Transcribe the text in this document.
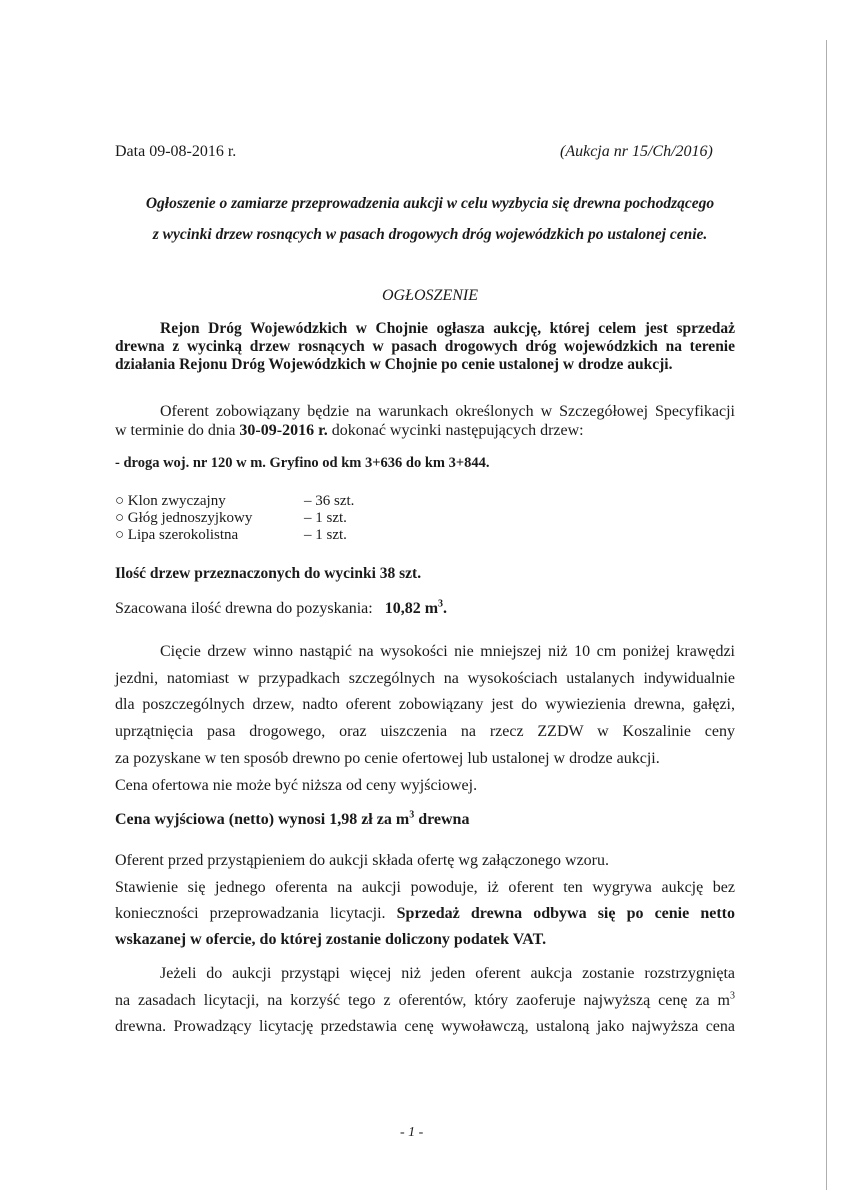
Data 09-08-2016 r.	(Aukcja nr 15/Ch/2016)
Ogłoszenie o zamiarze przeprowadzenia aukcji w celu wyzbycia się drewna pochodzącego
z wycinki drzew rosnących w pasach drogowych dróg wojewódzkich po ustalonej cenie.
OGŁOSZENIE
Rejon Dróg Wojewódzkich w Chojnie ogłasza aukcję, której celem jest sprzedaż
drewna z wycinką drzew rosnących w pasach drogowych dróg wojewódzkich na terenie
działania Rejonu Dróg Wojewódzkich w Chojnie po cenie ustalonej w drodze aukcji.
Oferent zobowiązany będzie na warunkach określonych w Szczegółowej Specyfikacji
w terminie do dnia 30-09-2016 r. dokonać wycinki następujących drzew:
- droga woj. nr 120 w m. Gryfino od km 3+636 do km 3+844.
○ Klon zwyczajny	– 36 szt.
○ Głóg jednoszyjkowy	– 1 szt.
○ Lipa szerokolistna	– 1 szt.
Ilość drzew przeznaczonych do wycinki 38 szt.
Szacowana ilość drewna do pozyskania: 10,82 $m^3$.
Cięcie drzew winno nastąpić na wysokości nie mniejszej niż 10 cm poniżej krawędzi
jezdni, natomiast w przypadkach szczególnych na wysokościach ustalanych indywidualnie
dla poszczególnych drzew, nadto oferent zobowiązany jest do wywiezienia drewna, gałęzi,
uprzątnięcia pasa drogowego, oraz uiszczenia na rzecz ZZDW w Koszalinie ceny
za pozyskane w ten sposób drewno po cenie ofertowej lub ustalonej w drodze aukcji.
Cena ofertowa nie może być niższa od ceny wyjściowej.
Cena wyjściowa (netto) wynosi 1,98 zł za $m^3$ drewna
Oferent przed przystąpieniem do aukcji składa ofertę wg załączonego wzoru.
Stawienie się jednego oferenta na aukcji powoduje, iż oferent ten wygrywa aukcję bez
konieczności przeprowadzania licytacji. Sprzedaż drewna odbywa się po cenie netto
wskazanej w ofercie, do której zostanie doliczony podatek VAT.
Jeżeli do aukcji przystąpi więcej niż jeden oferent aukcja zostanie rozstrzygnięta
na zasadach licytacji, na korzyść tego z oferentów, który zaoferuje najwyższą cenę za $m^3$
drewna. Prowadzący licytację przedstawia cenę wywoławczą, ustaloną jako najwyższa cena
- 1 -
